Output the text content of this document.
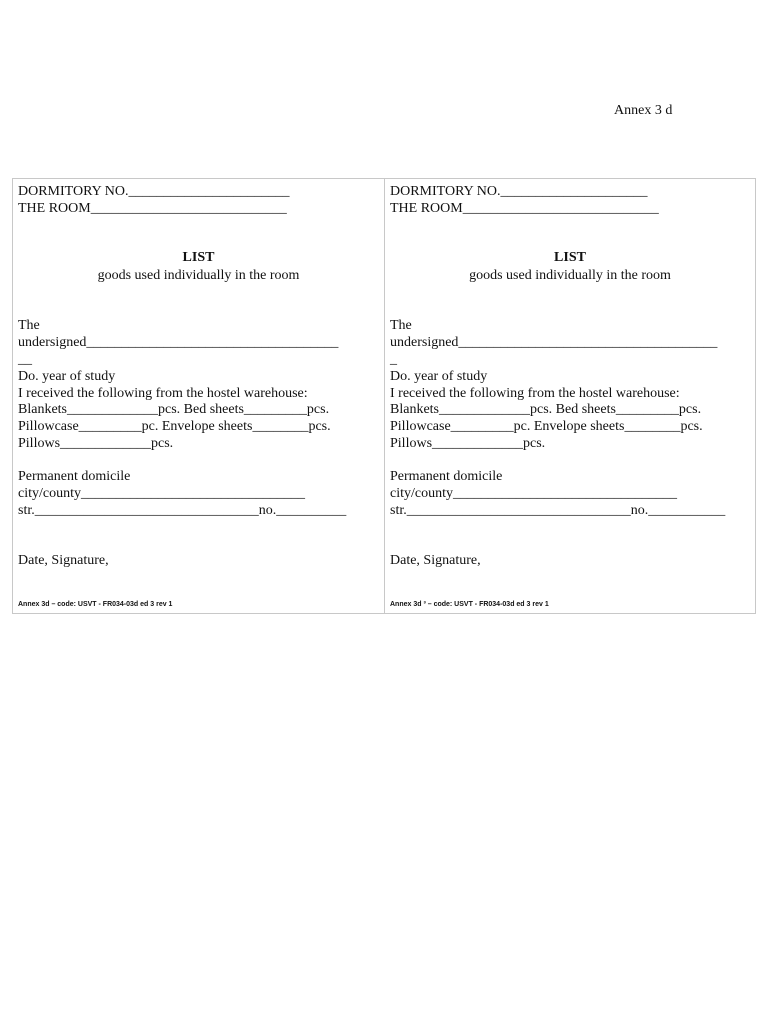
Annex 3 d
DORMITORY NO._______________________
THE ROOM____________________________
LIST
goods used individually in the room
The
undersigned____________________________________
__
Do. year of study
I received the following from the hostel warehouse:
Blankets_____________pcs. Bed sheets_________pcs.
Pillowcase_________pc. Envelope sheets________pcs.
Pillows_____________pcs.
Permanent domicile
city/county________________________________
str.________________________________no.__________
Date, Signature,
Annex 3d – code: USVT - FR034-03d ed 3 rev 1
DORMITORY NO._____________________
THE ROOM____________________________
LIST
goods used individually in the room
The
undersigned_____________________________________
_
Do. year of study
I received the following from the hostel warehouse:
Blankets_____________pcs. Bed sheets_________pcs.
Pillowcase_________pc. Envelope sheets________pcs.
Pillows_____________pcs.
Permanent domicile
city/county________________________________
str.________________________________no.___________
Date, Signature,
Annex 3d ³ – code: USVT - FR034-03d ed 3 rev 1
